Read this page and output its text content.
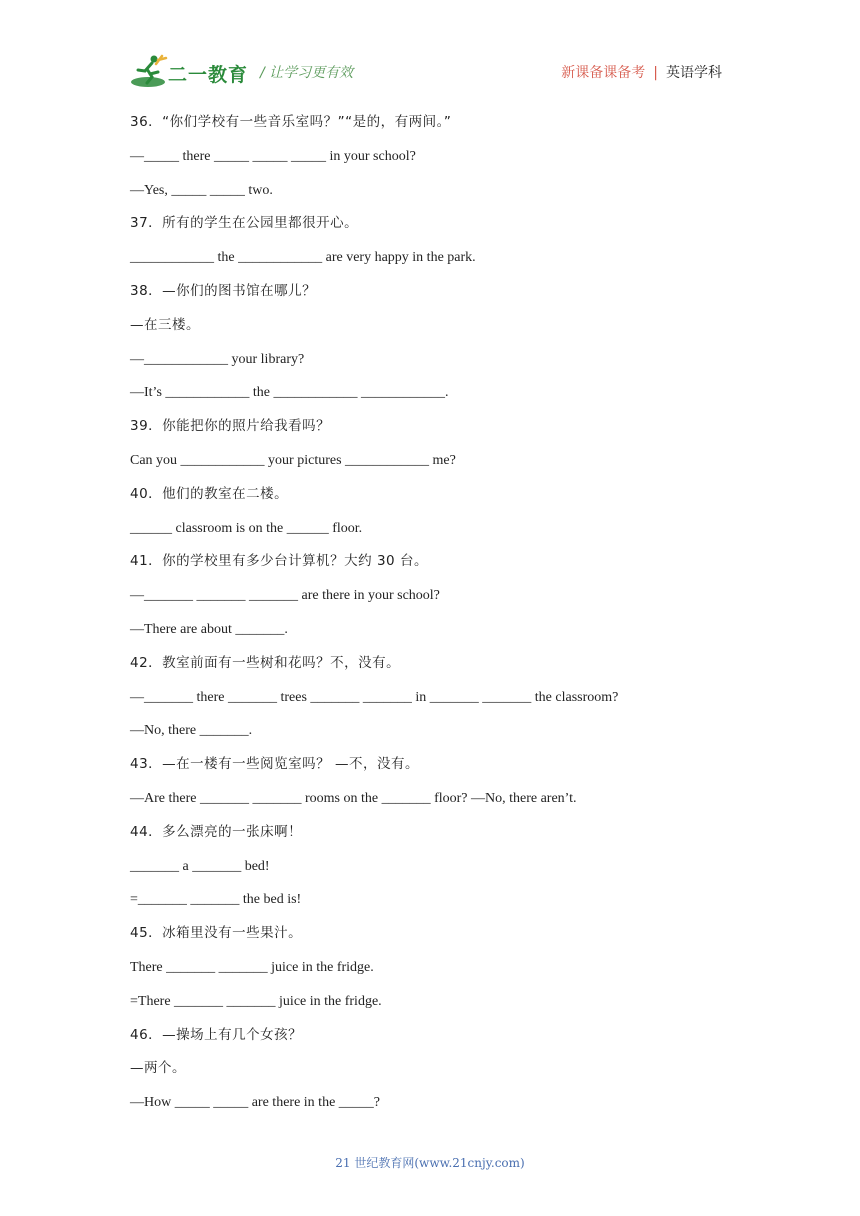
二一教育 / 让学习更有效	新课备课备考 | 英语学科
36．“你们学校有一些音乐室吗？”“是的，有两间。”
—_____ there _____ _____ _____ in your school?
—Yes, _____ _____ two.
37．所有的学生在公园里都很开心。
____________ the ____________ are very happy in the park.
38．—你们的图书馆在哪儿？
—在三楼。
—____________ your library?
—It’s ____________ the ____________ ____________.
39．你能把你的照片给我看吗？
Can you ____________ your pictures ____________ me?
40．他们的教室在二楼。
______ classroom is on the ______ floor.
41．你的学校里有多少台计算机？大约 30 台。
—_______ _______ _______ are there in your school?
—There are about _______.
42．教室前面有一些树和花吗？不，没有。
—_______ there _______ trees _______ _______ in _______ _______ the classroom?
—No, there _______.
43．—在一楼有一些阅览室吗？ —不，没有。
—Are there _______ _______ rooms on the _______ floor? —No, there aren’t.
44．多么漂亮的一张床啊！
_______ a _______ bed!
=_______ _______ the bed is!
45．冰箱里没有一些果汁。
There _______ _______ juice in the fridge.
=There _______ _______ juice in the fridge.
46．—操场上有几个女孩？
—两个。
—How _____ _____ are there in the _____?
21 世纪教育网(www.21cnjy.com)
